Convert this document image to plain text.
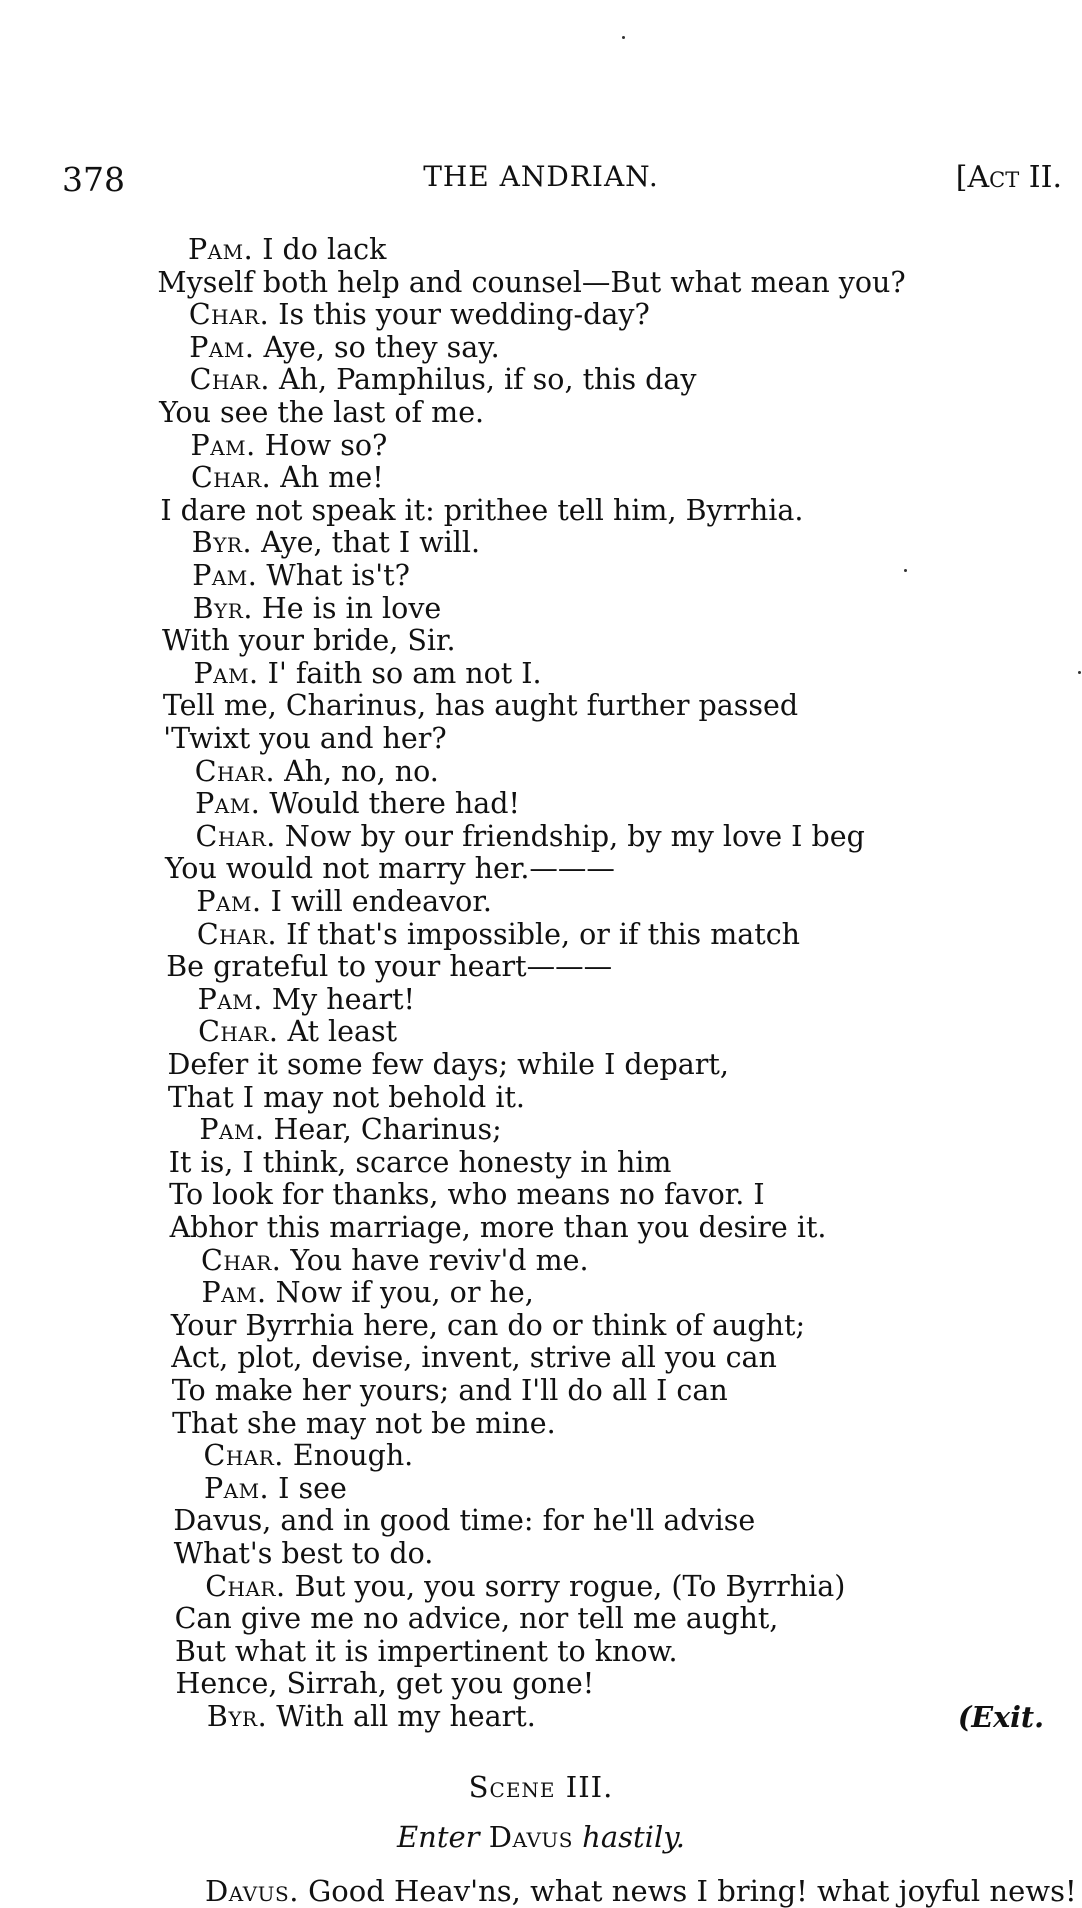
378	THE ANDRIAN.	[Act II.
Pam. I do lack
Myself both help and counsel—But what mean you?
Char. Is this your wedding-day?
Pam. Aye, so they say.
Char. Ah, Pamphilus, if so, this day
You see the last of me.
Pam. How so?
Char. Ah me!
I dare not speak it: prithee tell him, Byrrhia.
Byr. Aye, that I will.
Pam. What is't?
Byr. He is in love
With your bride, Sir.
Pam. I' faith so am not I.
Tell me, Charinus, has aught further passed
'Twixt you and her?
Char. Ah, no, no.
Pam. Would there had!
Char. Now by our friendship, by my love I beg
You would not marry her.———
Pam. I will endeavor.
Char. If that's impossible, or if this match
Be grateful to your heart———
Pam. My heart!
Char. At least
Defer it some few days; while I depart,
That I may not behold it.
Pam. Hear, Charinus;
It is, I think, scarce honesty in him
To look for thanks, who means no favor. I
Abhor this marriage, more than you desire it.
Char. You have reviv'd me.
Pam. Now if you, or he,
Your Byrrhia here, can do or think of aught;
Act, plot, devise, invent, strive all you can
To make her yours; and I'll do all I can
That she may not be mine.
Char. Enough.
Pam. I see
Davus, and in good time: for he'll advise
What's best to do.
Char. But you, you sorry rogue, (To Byrrhia)
Can give me no advice, nor tell me aught,
But what it is impertinent to know.
Hence, Sirrah, get you gone!
Byr. With all my heart.	(Exit.
Scene III.
Enter Davus hastily.
Davus. Good Heav'ns, what news I bring! what joyful news!
